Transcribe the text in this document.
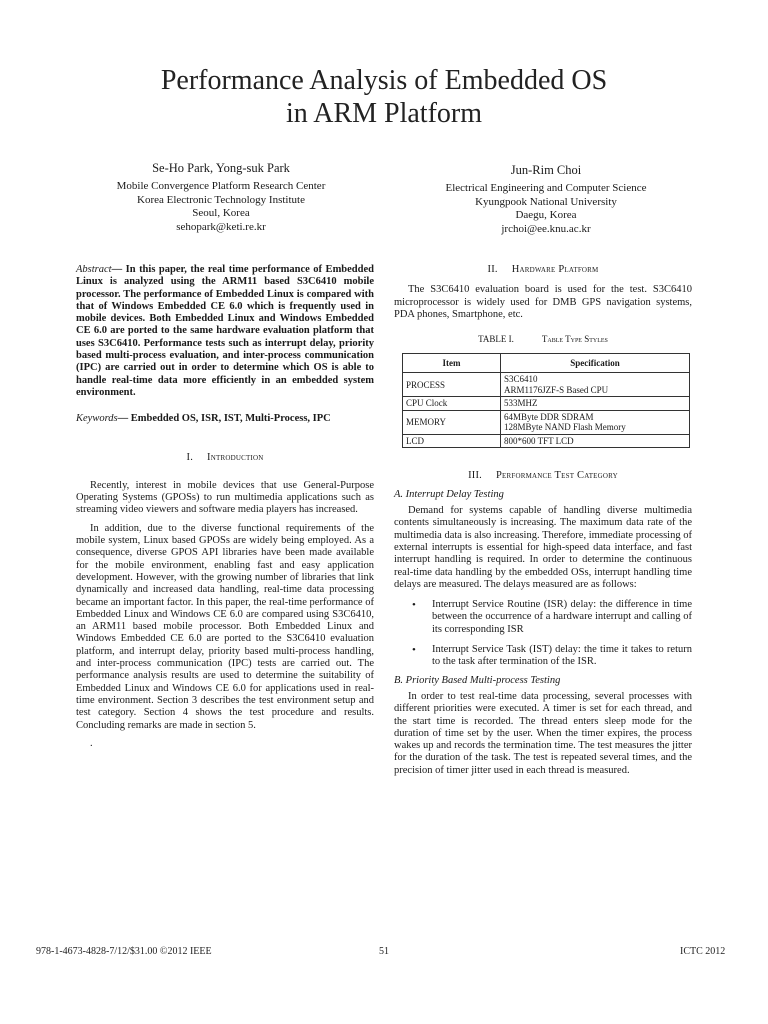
Performance Analysis of Embedded OS
in ARM Platform
Se-Ho Park, Yong-suk Park
Mobile Convergence Platform Research Center
Korea Electronic Technology Institute
Seoul, Korea
sehopark@keti.re.kr
Jun-Rim Choi
Electrical Engineering and Computer Science
Kyungpook National University
Daegu, Korea
jrchoi@ee.knu.ac.kr

Abstract— In this paper, the real time performance of Embedded Linux is analyzed using the ARM11 based S3C6410 mobile processor. The performance of Embedded Linux is compared with that of Windows Embedded CE 6.0 which is frequently used in mobile devices. Both Embedded Linux and Windows Embedded CE 6.0 are ported to the same hardware evaluation platform that uses S3C6410. Performance tests such as interrupt delay, priority based multi-process evaluation, and inter-process communication (IPC) are carried out in order to determine which OS is able to handle real-time data more efficiently in an embedded system environment.

Keywords— Embedded OS, ISR, IST, Multi-Process, IPC

I. Introduction

Recently, interest in mobile devices that use General-Purpose Operating Systems (GPOSs) to run multimedia applications such as streaming video viewers and software media players has increased.

In addition, due to the diverse functional requirements of the mobile system, Linux based GPOSs are widely being employed. As a consequence, diverse GPOS API libraries have been made available for the mobile environment, enabling fast and easy application development. However, with the growing number of libraries that link dynamically and increased data handling, real-time data processing became an important factor. In this paper, the real-time performance of Embedded Linux and Windows CE 6.0 are compared using S3C6410, an ARM11 based mobile processor. Both Embedded Linux and Windows Embedded CE 6.0 are ported to the S3C6410 evaluation platform, and interrupt delay, priority based multi-process handling, and inter-process communication (IPC) tests are carried out. The performance analysis results are used to determine the suitability of Embedded Linux and Windows CE 6.0 for applications used in real-time environment. Section 3 describes the test environment setup and test category. Section 4 shows the test procedure and results. Concluding remarks are made in section 5.

.

II. Hardware Platform

The S3C6410 evaluation board is used for the test. S3C6410 microprocessor is widely used for DMB GPS navigation systems, PDA phones, Smartphone, etc.

TABLE I.	Table Type Styles
Item	Specification
PROCESS	S3C6410
ARM1176JZF-S Based CPU

CPU Clock	533MHZ

MEMORY	64MByte DDR SDRAM
128MByte NAND Flash Memory

LCD	800*600 TFT LCD
III. Performance Test Category

A. Interrupt Delay Testing

Demand for systems capable of handling diverse multimedia contents simultaneously is increasing. The maximum data rate of the multimedia data is also increasing. Therefore, immediate processing of external interrupts is essential for high-speed data interface, and fast interrupt handling is required. In order to determine the continuous real-time data handling by the embedded OSs, interrupt handling time delays are measured. The delays measured are as follows:

• Interrupt Service Routine (ISR) delay: the difference in time between the occurrence of a hardware interrupt and calling of its corresponding ISR
• Interrupt Service Task (IST) delay: the time it takes to return to the task after termination of the ISR.

B. Priority Based Multi-process Testing

In order to test real-time data processing, several processes with different priorities were executed. A timer is set for each thread, and the start time is recorded. The thread enters sleep mode for the duration of time set by the user. When the timer expires, the process wakes up and records the termination time. The test measures the jitter for the duration of the task. The test is repeated several times, and the precision of timer jitter used in each thread is measured.

978-1-4673-4828-7/12/$31.00 ©2012 IEEE	51	ICTC 2012
